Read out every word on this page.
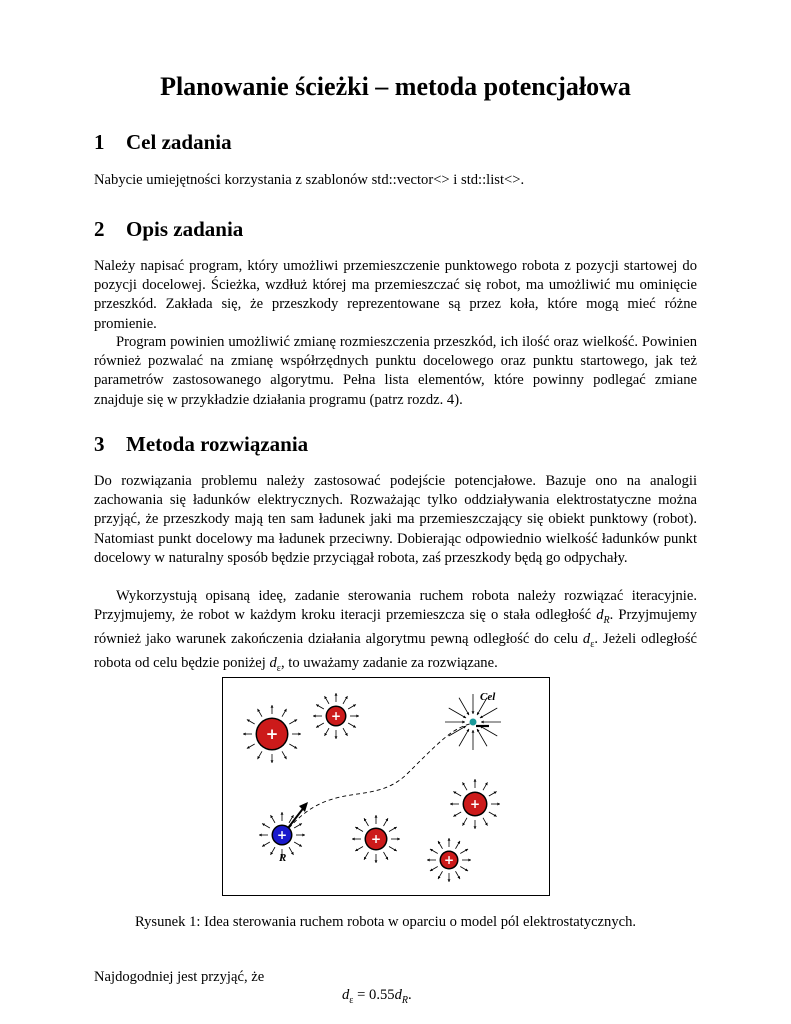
Planowanie ścieżki – metoda potencjałowa
1 Cel zadania

Nabycie umiejętności korzystania z szablonów std::vector<> i std::list<>.

2 Opis zadania

Należy napisać program, który umożliwi przemieszczenie punktowego robota z pozycji startowej do pozycji docelowej. Ścieżka, wzdłuż której ma przemieszczać się robot, ma umożliwić mu ominięcie przeszkód. Zakłada się, że przeszkody reprezentowane są przez koła, które mogą mieć różne promienie.

Program powinien umożliwić zmianę rozmieszczenia przeszkód, ich ilość oraz wielkość. Powinien również pozwalać na zmianę współrzędnych punktu docelowego oraz punktu startowego, jak też parametrów zastosowanego algorytmu. Pełna lista elementów, które powinny podlegać zmiane znajduje się w przykładzie działania programu (patrz rozdz. 4).

3 Metoda rozwiązania

Do rozwiązania problemu należy zastosować podejście potencjałowe. Bazuje ono na analogii zachowania się ładunków elektrycznych. Rozważając tylko oddziaływania elektrostatyczne można przyjąć, że przeszkody mają ten sam ładunek jaki ma przemieszczający się obiekt punktowy (robot). Natomiast punkt docelowy ma ładunek przeciwny. Dobierając odpowiednio wielkość ładunków punkt docelowy w naturalny sposób będzie przyciągał robota, zaś przeszkody będą go odpychały.

Wykorzystują opisaną ideę, zadanie sterowania ruchem robota należy rozwiązać iteracyjnie. Przyjmujemy, że robot w każdym kroku iteracji przemieszcza się o stała odległość $d_R$. Przyjmujemy również jako warunek zakończenia działania algorytmu pewną odległość do celu $d_\varepsilon$. Jeżeli odległość robota od celu będzie poniżej $d_\varepsilon$, to uważamy zadanie za rozwiązane.

+
+
+
+
+
+
Cel
R

Rysunek 1: Idea sterowania ruchem robota w oparciu o model pól elektrostatycznych.

Najdogodniej jest przyjąć, że

$d_\varepsilon = 0.55d_R$.
